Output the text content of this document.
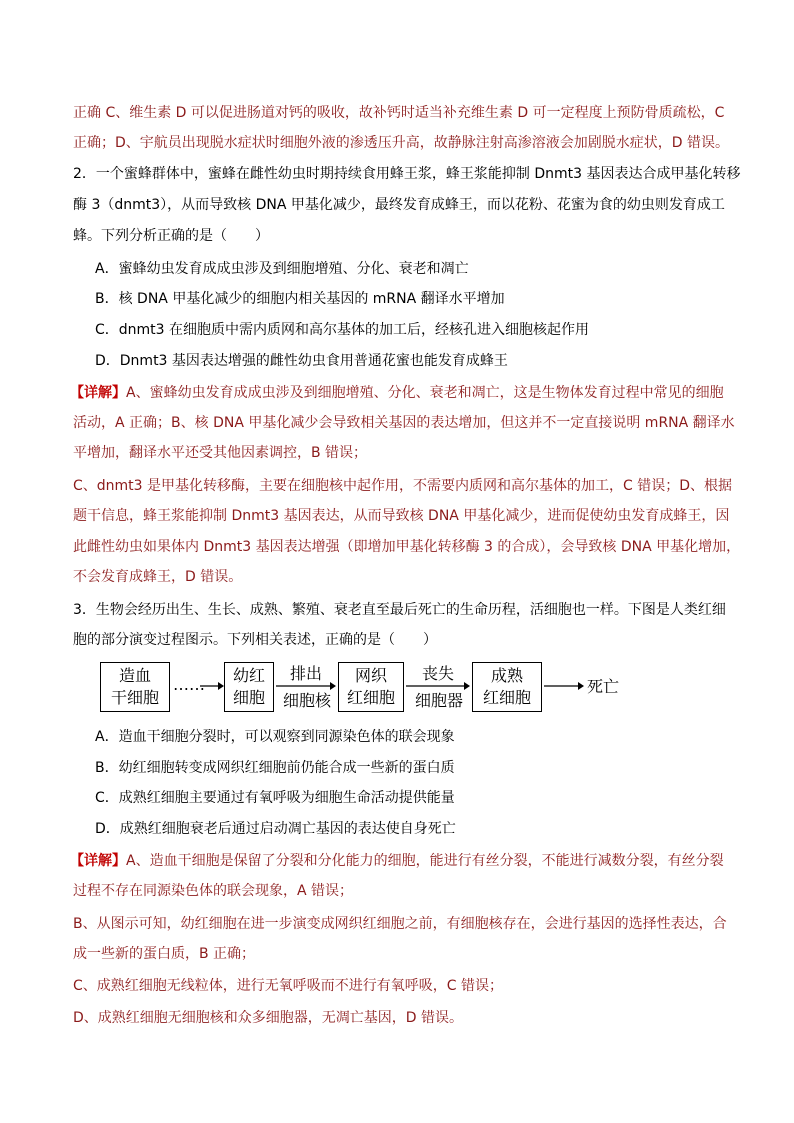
正确 C、维生素 D 可以促进肠道对钙的吸收，故补钙时适当补充维生素 D 可一定程度上预防骨质疏松，C
正确；D、宇航员出现脱水症状时细胞外液的渗透压升高，故静脉注射高渗溶液会加剧脱水症状，D 错误。
2．一个蜜蜂群体中，蜜蜂在雌性幼虫时期持续食用蜂王浆，蜂王浆能抑制 Dnmt3 基因表达合成甲基化转移
酶 3（dnmt3），从而导致核 DNA 甲基化减少，最终发育成蜂王，而以花粉、花蜜为食的幼虫则发育成工
蜂。下列分析正确的是（　　）
A．蜜蜂幼虫发育成成虫涉及到细胞增殖、分化、衰老和凋亡
B．核 DNA 甲基化减少的细胞内相关基因的 mRNA 翻译水平增加
C．dnmt3 在细胞质中需内质网和高尔基体的加工后，经核孔进入细胞核起作用
D．Dnmt3 基因表达增强的雌性幼虫食用普通花蜜也能发育成蜂王
【详解】A、蜜蜂幼虫发育成成虫涉及到细胞增殖、分化、衰老和凋亡，这是生物体发育过程中常见的细胞
活动，A 正确；B、核 DNA 甲基化减少会导致相关基因的表达增加，但这并不一定直接说明 mRNA 翻译水
平增加，翻译水平还受其他因素调控，B 错误；
C、dnmt3 是甲基化转移酶，主要在细胞核中起作用，不需要内质网和高尔基体的加工，C 错误；D、根据
题干信息，蜂王浆能抑制 Dnmt3 基因表达，从而导致核 DNA 甲基化减少，进而促使幼虫发育成蜂王，因
此雌性幼虫如果体内 Dnmt3 基因表达增强（即增加甲基化转移酶 3 的合成），会导致核 DNA 甲基化增加，
不会发育成蜂王，D 错误。
3．生物会经历出生、生长、成熟、繁殖、衰老直至最后死亡的生命历程，活细胞也一样。下图是人类红细
胞的部分演变过程图示。下列相关表述，正确的是（　　）
造血
干细胞
……	幼红
细胞
排出
细胞核
网织
红细胞
丧失
细胞器
成熟
红细胞
死亡
A．造血干细胞分裂时，可以观察到同源染色体的联会现象
B．幼红细胞转变成网织红细胞前仍能合成一些新的蛋白质
C．成熟红细胞主要通过有氧呼吸为细胞生命活动提供能量
D．成熟红细胞衰老后通过启动凋亡基因的表达使自身死亡
【详解】A、造血干细胞是保留了分裂和分化能力的细胞，能进行有丝分裂，不能进行减数分裂，有丝分裂
过程不存在同源染色体的联会现象，A 错误；
B、从图示可知，幼红细胞在进一步演变成网织红细胞之前，有细胞核存在，会进行基因的选择性表达，合
成一些新的蛋白质，B 正确；
C、成熟红细胞无线粒体，进行无氧呼吸而不进行有氧呼吸，C 错误；
D、成熟红细胞无细胞核和众多细胞器，无凋亡基因，D 错误。
